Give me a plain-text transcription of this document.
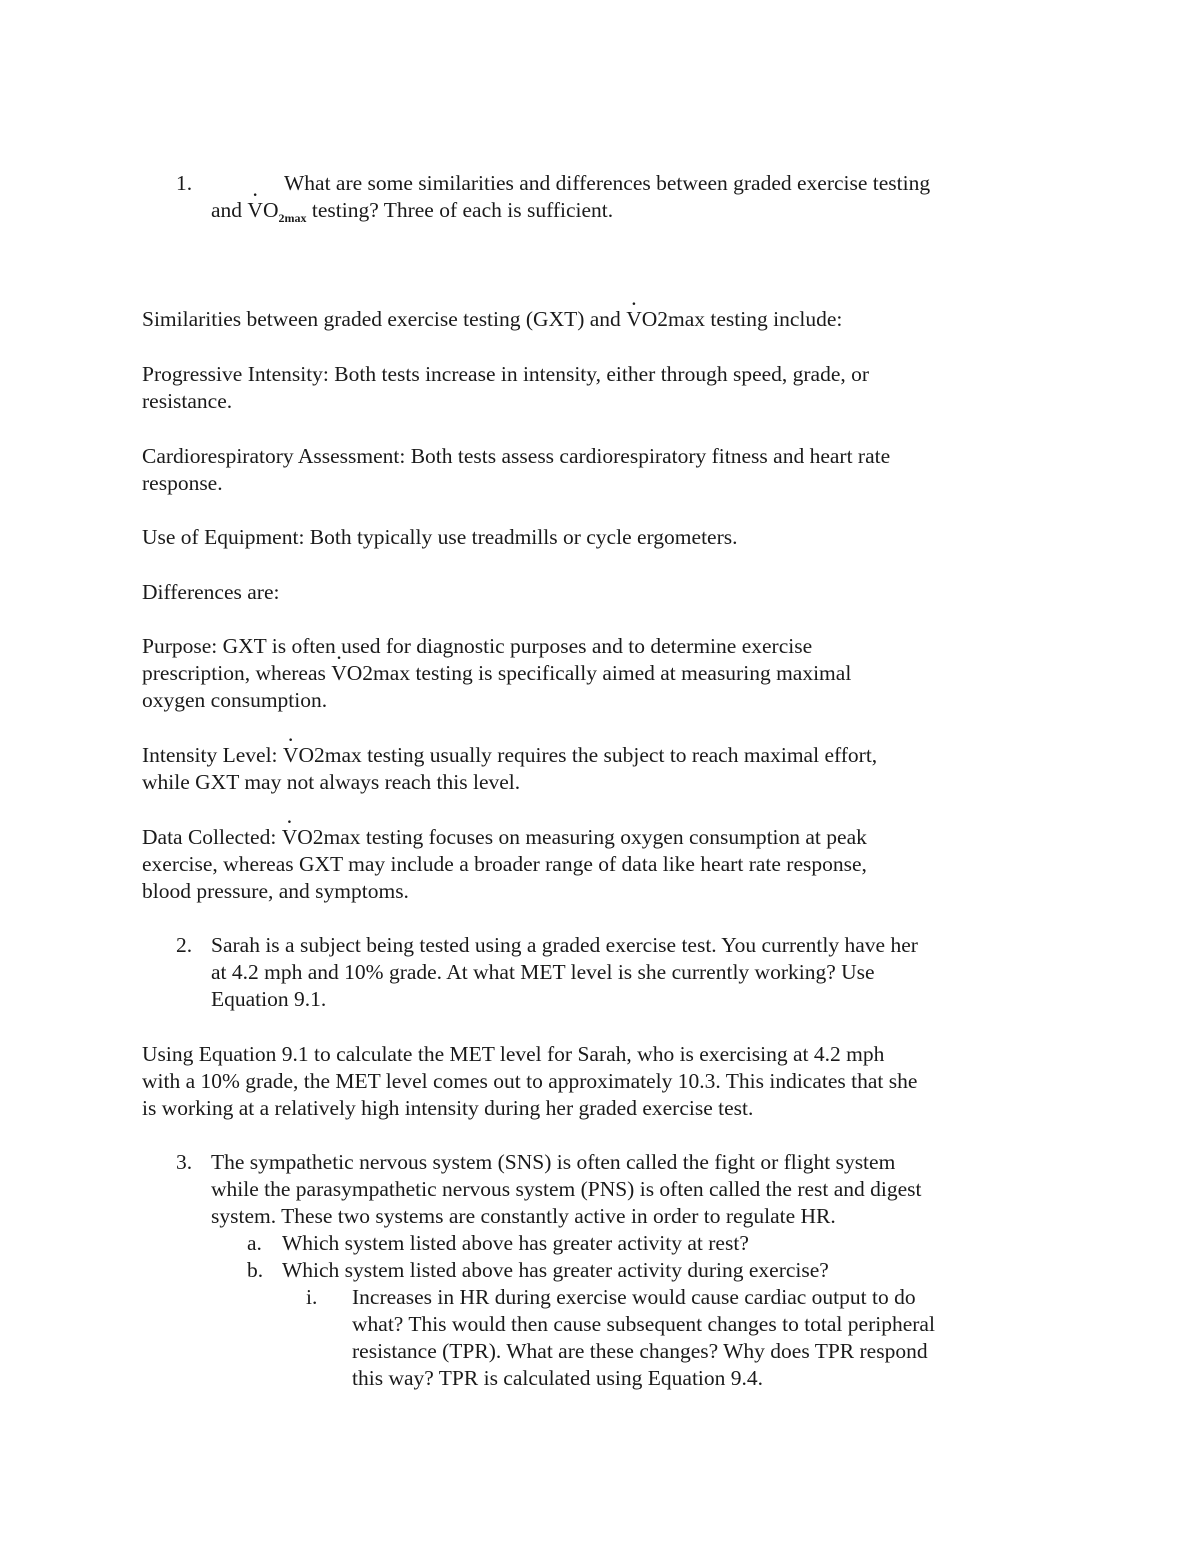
1.	What are some similarities and differences between graded exercise testing

and · $VO_{2max}$ testing? Three of each is sufficient.

Similarities between graded exercise testing (GXT) and · VO2max testing include:

Progressive Intensity: Both tests increase in intensity, either through speed, grade, or

resistance.

Cardiorespiratory Assessment: Both tests assess cardiorespiratory fitness and heart rate

response.

Use of Equipment: Both typically use treadmills or cycle ergometers.

Differences are:

Purpose: GXT is often used for diagnostic purposes and to determine exercise

prescription, whereas · VO2max testing is specifically aimed at measuring maximal

oxygen consumption.

Intensity Level: · VO2max testing usually requires the subject to reach maximal effort,

while GXT may not always reach this level.

Data Collected: · VO2max testing focuses on measuring oxygen consumption at peak

exercise, whereas GXT may include a broader range of data like heart rate response,

blood pressure, and symptoms.

2. Sarah is a subject being tested using a graded exercise test. You currently have her

at 4.2 mph and 10% grade. At what MET level is she currently working? Use

Equation 9.1.

Using Equation 9.1 to calculate the MET level for Sarah, who is exercising at 4.2 mph

with a 10% grade, the MET level comes out to approximately 10.3. This indicates that she

is working at a relatively high intensity during her graded exercise test.

3. The sympathetic nervous system (SNS) is often called the fight or flight system

while the parasympathetic nervous system (PNS) is often called the rest and digest

system. These two systems are constantly active in order to regulate HR.

a. Which system listed above has greater activity at rest?

b. Which system listed above has greater activity during exercise?

i. Increases in HR during exercise would cause cardiac output to do

what? This would then cause subsequent changes to total peripheral

resistance (TPR). What are these changes? Why does TPR respond

this way? TPR is calculated using Equation 9.4.
